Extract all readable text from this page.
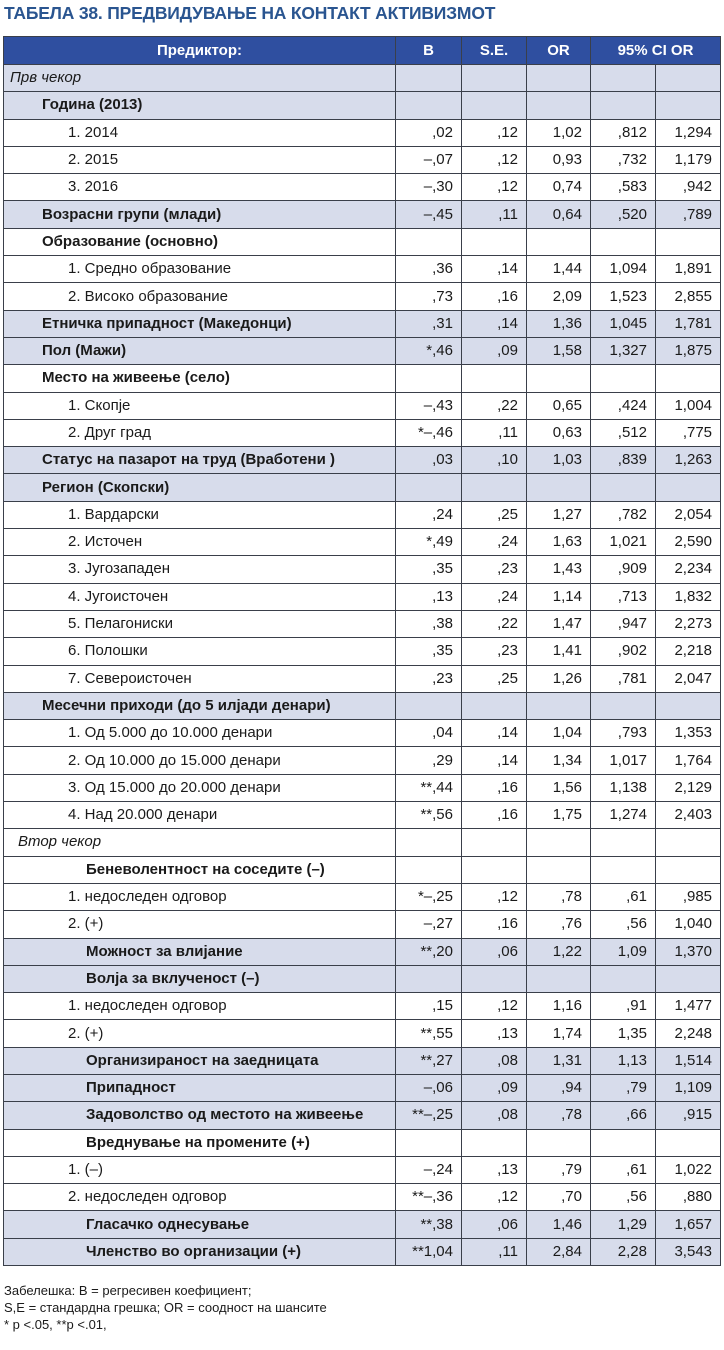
ТАБЕЛА 38. ПРЕДВИДУВАЊЕ НА КОНТАКТ АКТИВИЗМОТ
Предиктор:	B	S.E.	OR	95% CI OR	
Прв чекор					
Година (2013)					
1. 2014	,02	,12	1,02	,812	1,294
2. 2015	–,07	,12	0,93	,732	1,179
3. 2016	–,30	,12	0,74	,583	,942
Возрасни групи (млади)	–,45	,11	0,64	,520	,789
Образование (основно)					
1. Средно образование	,36	,14	1,44	1,094	1,891
2. Високо образование	,73	,16	2,09	1,523	2,855
Етничка припадност (Македонци)	,31	,14	1,36	1,045	1,781
Пол (Мажи)	*,46	,09	1,58	1,327	1,875
Место на живеење (село)					
1. Скопје	–,43	,22	0,65	,424	1,004
2. Друг град	*–,46	,11	0,63	,512	,775
Статус на пазарот на труд (Вработени )	,03	,10	1,03	,839	1,263
Регион (Скопски)					
1. Вардарски	,24	,25	1,27	,782	2,054
2. Источен	*,49	,24	1,63	1,021	2,590
3. Југозападен	,35	,23	1,43	,909	2,234
4. Југоисточен	,13	,24	1,14	,713	1,832
5. Пелагониски	,38	,22	1,47	,947	2,273
6. Полошки	,35	,23	1,41	,902	2,218
7. Североисточен	,23	,25	1,26	,781	2,047
Месечни приходи (до 5 илјади денари)					
1. Од 5.000 до 10.000 денари	,04	,14	1,04	,793	1,353
2. Од 10.000 до 15.000 денари	,29	,14	1,34	1,017	1,764
3. Од 15.000 до 20.000 денари	**,44	,16	1,56	1,138	2,129
4. Над 20.000 денари	**,56	,16	1,75	1,274	2,403
Втор чекор					
Бeневолентност на соседите (–)					
1. недоследен одговор	*–,25	,12	,78	,61	,985
2. (+)	–,27	,16	,76	,56	1,040
Можност за влијание	**,20	,06	1,22	1,09	1,370
Волја за вклученост (–)					
1. недоследен одговор	,15	,12	1,16	,91	1,477
2. (+)	**,55	,13	1,74	1,35	2,248
Организираност на заедницата	**,27	,08	1,31	1,13	1,514
Припадност	–,06	,09	,94	,79	1,109
Задоволство од местото на живеење	**–,25	,08	,78	,66	,915
Вреднување на промените (+)					
1. (–)	–,24	,13	,79	,61	1,022
2. недоследен одговор	**–,36	,12	,70	,56	,880
Гласачко однесување	**,38	,06	1,46	1,29	1,657
Членство во организации (+)	**1,04	,11	2,84	2,28	3,543
Забелешка: B = регресивен коефициент;
S,E = стандардна грешка; OR = соодност на шансите
* p <.05, **p <.01,
